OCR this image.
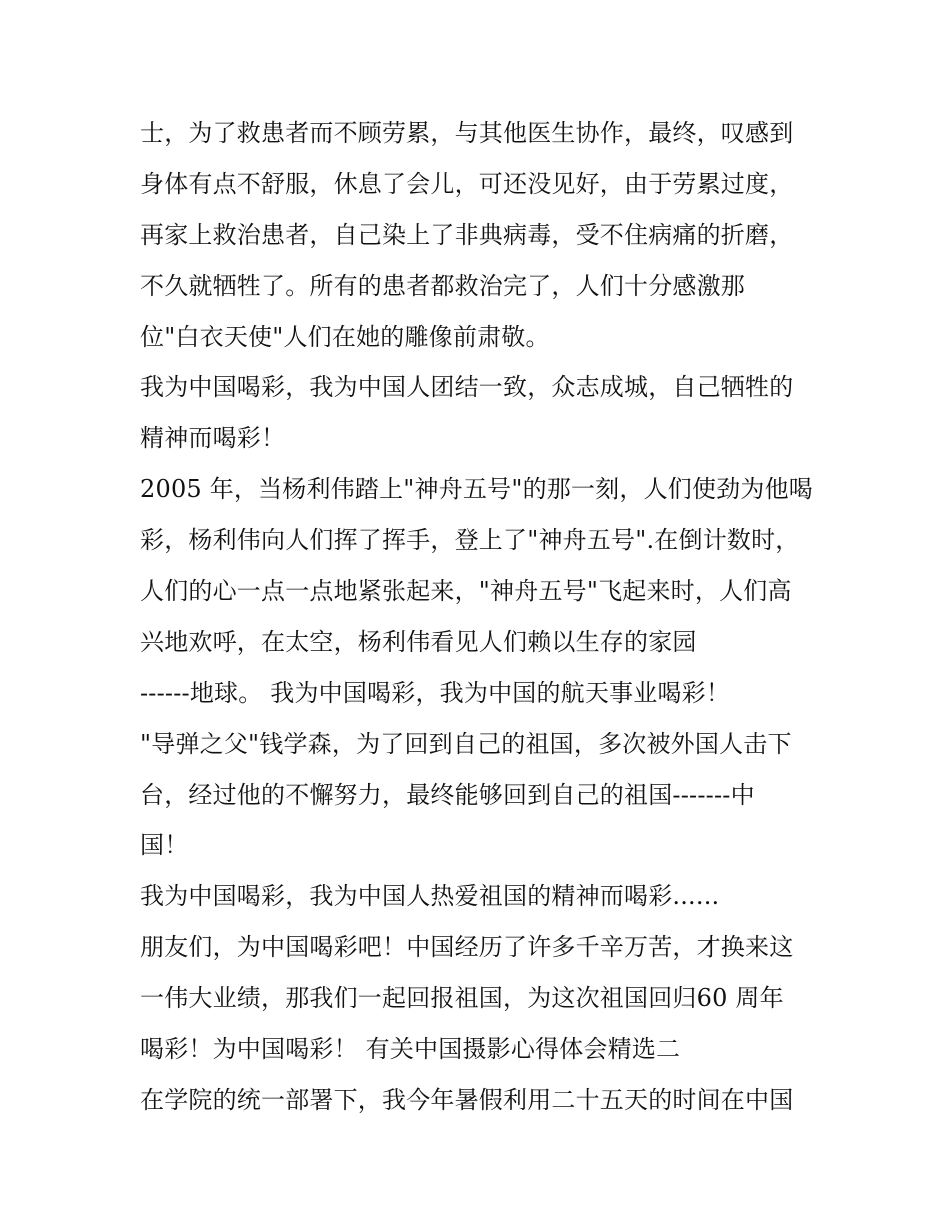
士，为了救患者而不顾劳累，与其他医生协作，最终，叹感到
身体有点不舒服，休息了会儿，可还没见好，由于劳累过度，
再家上救治患者，自己染上了非典病毒，受不住病痛的折磨，
不久就牺牲了。所有的患者都救治完了，人们十分感激那
位"白衣天使"人们在她的雕像前肃敬。
我为中国喝彩，我为中国人团结一致，众志成城，自己牺牲的
精神而喝彩！
2005 年，当杨利伟踏上"神舟五号"的那一刻，人们使劲为他喝
彩，杨利伟向人们挥了挥手，登上了"神舟五号".在倒计数时，
人们的心一点一点地紧张起来，"神舟五号"飞起来时，人们高
兴地欢呼，在太空，杨利伟看见人们赖以生存的家园
------地球。 我为中国喝彩，我为中国的航天事业喝彩！
"导弹之父"钱学森，为了回到自己的祖国，多次被外国人击下
台，经过他的不懈努力，最终能够回到自己的祖国-------中
国！
我为中国喝彩，我为中国人热爱祖国的精神而喝彩......
朋友们，为中国喝彩吧！中国经历了许多千辛万苦，才换来这
一伟大业绩，那我们一起回报祖国，为这次祖国回归60 周年
喝彩！为中国喝彩！ 有关中国摄影心得体会精选二
在学院的统一部署下，我今年暑假利用二十五天的时间在中国
